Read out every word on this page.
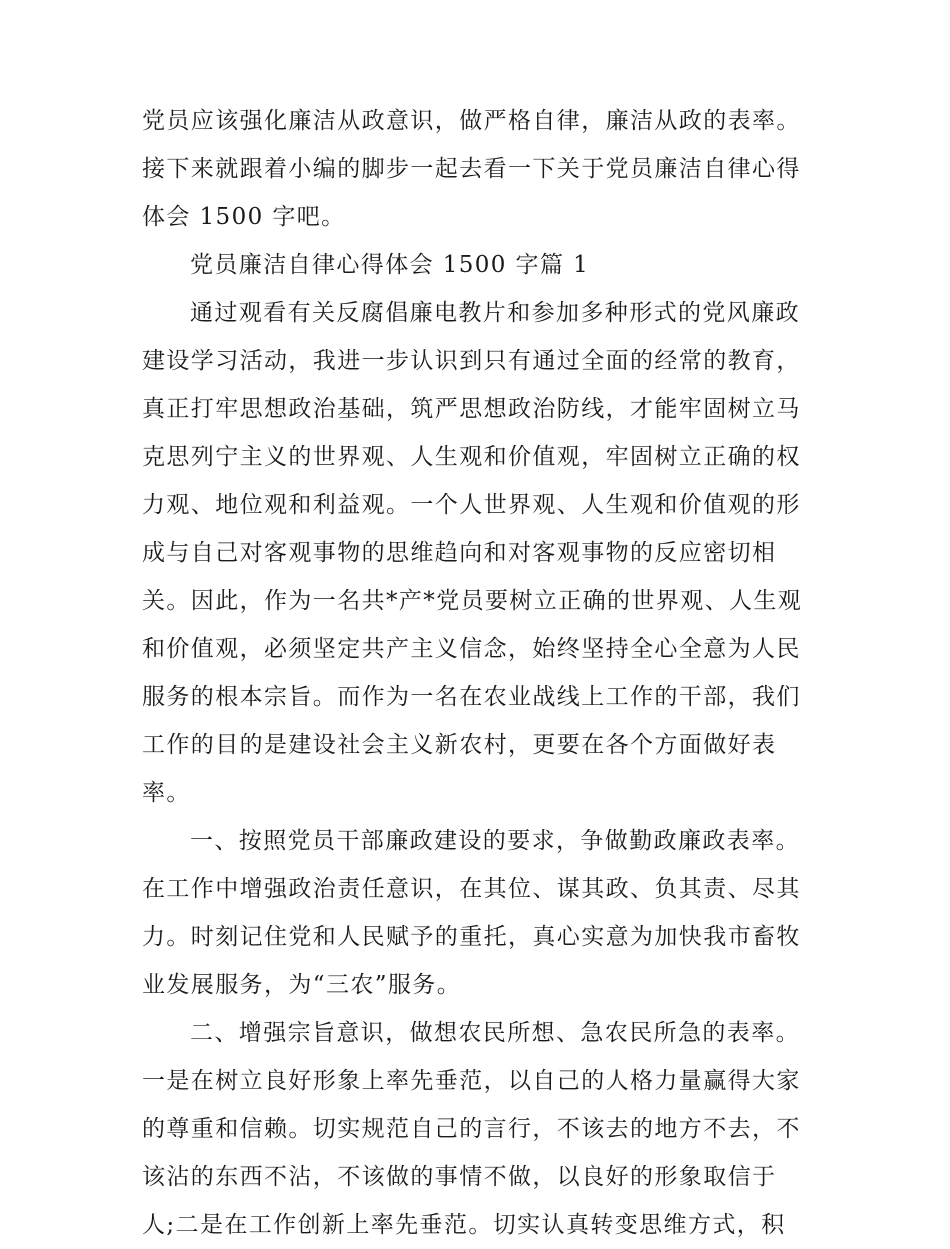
党员应该强化廉洁从政意识，做严格自律，廉洁从政的表率。
接下来就跟着小编的脚步一起去看一下关于党员廉洁自律心得
体会 1500 字吧。
党员廉洁自律心得体会 1500 字篇 1
通过观看有关反腐倡廉电教片和参加多种形式的党风廉政
建设学习活动，我进一步认识到只有通过全面的经常的教育，
真正打牢思想政治基础，筑严思想政治防线，才能牢固树立马
克思列宁主义的世界观、人生观和价值观，牢固树立正确的权
力观、地位观和利益观。一个人世界观、人生观和价值观的形
成与自己对客观事物的思维趋向和对客观事物的反应密切相
关。因此，作为一名共*产*党员要树立正确的世界观、人生观
和价值观，必须坚定共产主义信念，始终坚持全心全意为人民
服务的根本宗旨。而作为一名在农业战线上工作的干部，我们
工作的目的是建设社会主义新农村，更要在各个方面做好表
率。
一、按照党员干部廉政建设的要求，争做勤政廉政表率。
在工作中增强政治责任意识，在其位、谋其政、负其责、尽其
力。时刻记住党和人民赋予的重托，真心实意为加快我市畜牧
业发展服务，为“三农”服务。
二、增强宗旨意识，做想农民所想、急农民所急的表率。
一是在树立良好形象上率先垂范，以自己的人格力量赢得大家
的尊重和信赖。切实规范自己的言行，不该去的地方不去，不
该沾的东西不沾，不该做的事情不做，以良好的形象取信于
人;二是在工作创新上率先垂范。切实认真转变思维方式，积
